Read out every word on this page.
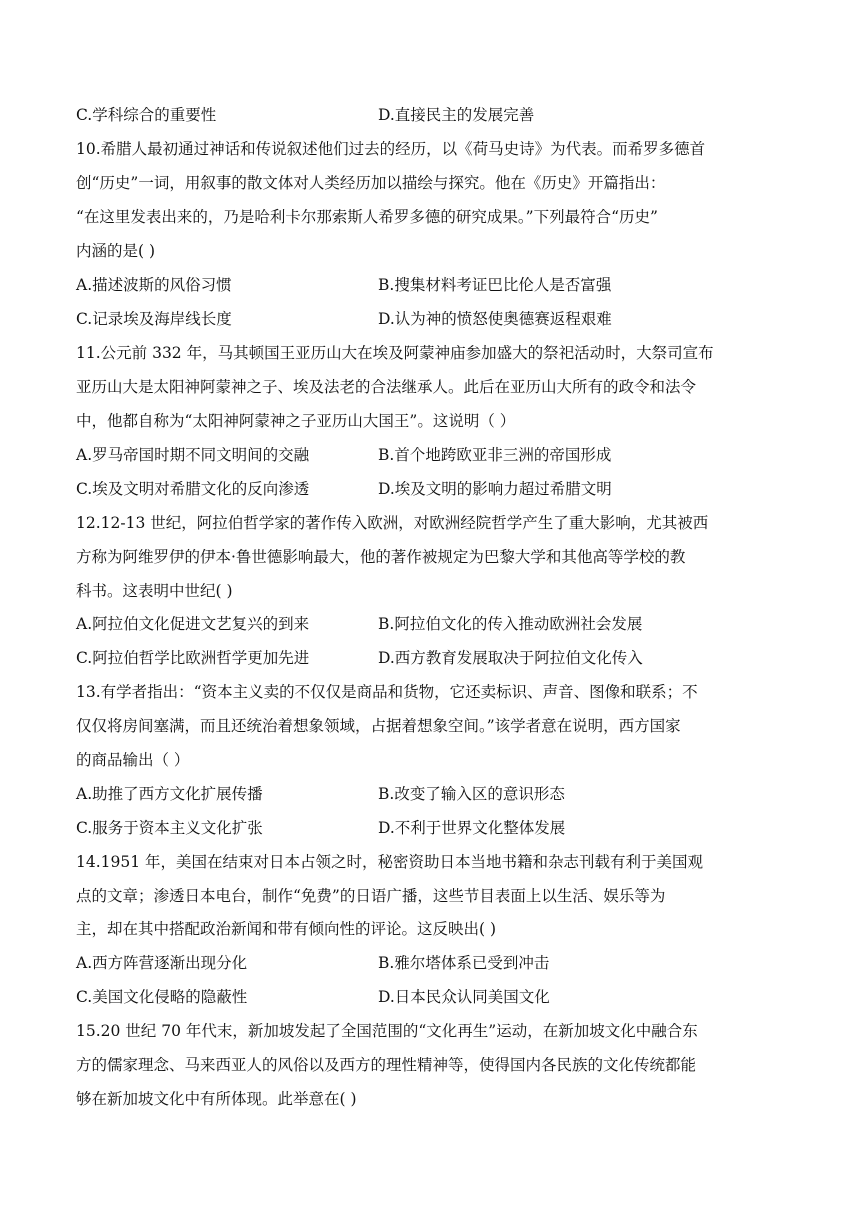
C.学科综合的重要性	D.直接民主的发展完善
10.希腊人最初通过神话和传说叙述他们过去的经历，以《荷马史诗》为代表。而希罗多德首
创“历史”一词，用叙事的散文体对人类经历加以描绘与探究。他在《历史》开篇指出：
“在这里发表出来的，乃是哈利卡尔那索斯人希罗多德的研究成果。”下列最符合“历史”
内涵的是( )
A.描述波斯的风俗习惯	B.搜集材料考证巴比伦人是否富强
C.记录埃及海岸线长度	D.认为神的愤怒使奥德赛返程艰难
11.公元前 332 年，马其顿国王亚历山大在埃及阿蒙神庙参加盛大的祭祀活动时，大祭司宣布
亚历山大是太阳神阿蒙神之子、埃及法老的合法继承人。此后在亚历山大所有的政令和法令
中，他都自称为“太阳神阿蒙神之子亚历山大国王”。这说明（ ）
A.罗马帝国时期不同文明间的交融	B.首个地跨欧亚非三洲的帝国形成
C.埃及文明对希腊文化的反向渗透	D.埃及文明的影响力超过希腊文明
12.12-13 世纪，阿拉伯哲学家的著作传入欧洲，对欧洲经院哲学产生了重大影响，尤其被西
方称为阿维罗伊的伊本·鲁世德影响最大，他的著作被规定为巴黎大学和其他高等学校的教
科书。这表明中世纪( )
A.阿拉伯文化促进文艺复兴的到来	B.阿拉伯文化的传入推动欧洲社会发展
C.阿拉伯哲学比欧洲哲学更加先进	D.西方教育发展取决于阿拉伯文化传入
13.有学者指出：“资本主义卖的不仅仅是商品和货物，它还卖标识、声音、图像和联系；不
仅仅将房间塞满，而且还统治着想象领域，占据着想象空间。”该学者意在说明，西方国家
的商品输出（ ）
A.助推了西方文化扩展传播	B.改变了输入区的意识形态
C.服务于资本主义文化扩张	D.不利于世界文化整体发展
14.1951 年，美国在结束对日本占领之时，秘密资助日本当地书籍和杂志刊载有利于美国观
点的文章；渗透日本电台，制作“免费”的日语广播，这些节目表面上以生活、娱乐等为
主，却在其中搭配政治新闻和带有倾向性的评论。这反映出( )
A.西方阵营逐渐出现分化	B.雅尔塔体系已受到冲击
C.美国文化侵略的隐蔽性	D.日本民众认同美国文化
15.20 世纪 70 年代末，新加坡发起了全国范围的“文化再生”运动，在新加坡文化中融合东
方的儒家理念、马来西亚人的风俗以及西方的理性精神等，使得国内各民族的文化传统都能
够在新加坡文化中有所体现。此举意在( )
